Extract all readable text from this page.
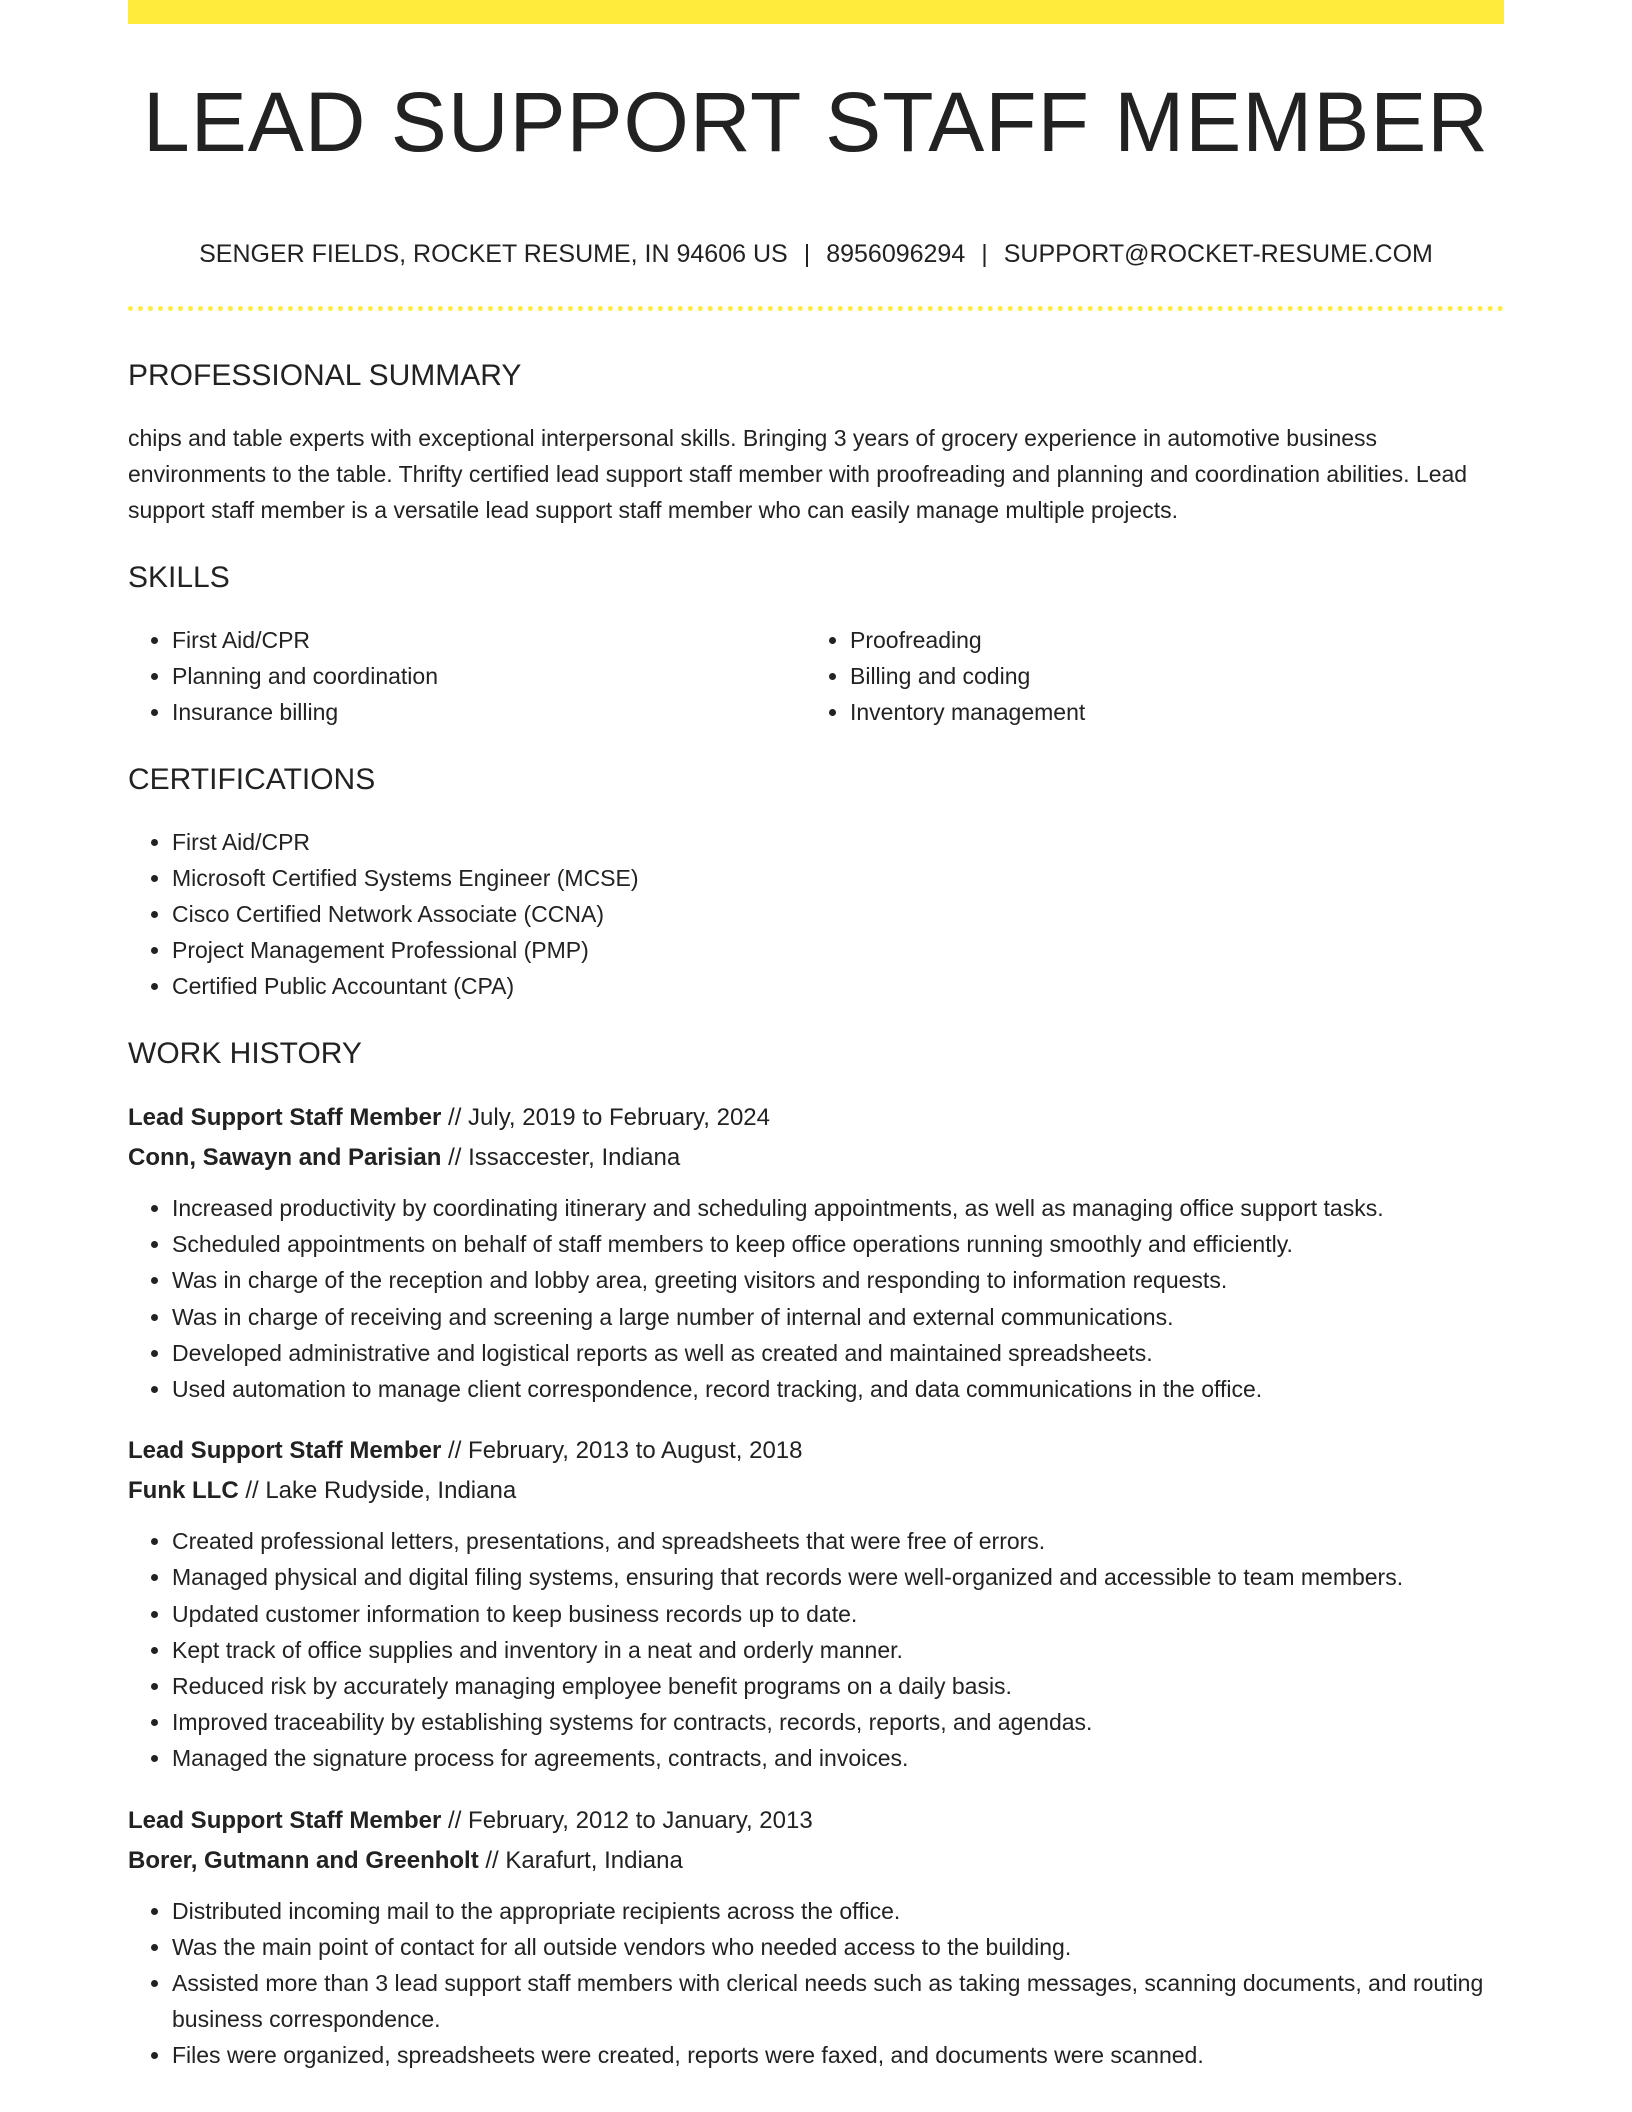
LEAD SUPPORT STAFF MEMBER
SENGER FIELDS, ROCKET RESUME, IN 94606 US | 8956096294 | SUPPORT@ROCKET-RESUME.COM
PROFESSIONAL SUMMARY

chips and table experts with exceptional interpersonal skills. Bringing 3 years of grocery experience in automotive business environments to the table. Thrifty certified lead support staff member with proofreading and planning and coordination abilities. Lead support staff member is a versatile lead support staff member who can easily manage multiple projects.

SKILLS
• First Aid/CPR
• Planning and coordination
• Insurance billing
• Proofreading
• Billing and coding
• Inventory management
CERTIFICATIONS
• First Aid/CPR
• Microsoft Certified Systems Engineer (MCSE)
• Cisco Certified Network Associate (CCNA)
• Project Management Professional (PMP)
• Certified Public Accountant (CPA)
WORK HISTORY
Lead Support Staff Member // July, 2019 to February, 2024
Conn, Sawayn and Parisian // Issaccester, Indiana
• Increased productivity by coordinating itinerary and scheduling appointments, as well as managing office support tasks.
• Scheduled appointments on behalf of staff members to keep office operations running smoothly and efficiently.
• Was in charge of the reception and lobby area, greeting visitors and responding to information requests.
• Was in charge of receiving and screening a large number of internal and external communications.
• Developed administrative and logistical reports as well as created and maintained spreadsheets.
• Used automation to manage client correspondence, record tracking, and data communications in the office.
Lead Support Staff Member // February, 2013 to August, 2018
Funk LLC // Lake Rudyside, Indiana
• Created professional letters, presentations, and spreadsheets that were free of errors.
• Managed physical and digital filing systems, ensuring that records were well-organized and accessible to team members.
• Updated customer information to keep business records up to date.
• Kept track of office supplies and inventory in a neat and orderly manner.
• Reduced risk by accurately managing employee benefit programs on a daily basis.
• Improved traceability by establishing systems for contracts, records, reports, and agendas.
• Managed the signature process for agreements, contracts, and invoices.
Lead Support Staff Member // February, 2012 to January, 2013
Borer, Gutmann and Greenholt // Karafurt, Indiana
• Distributed incoming mail to the appropriate recipients across the office.
• Was the main point of contact for all outside vendors who needed access to the building.
• Assisted more than 3 lead support staff members with clerical needs such as taking messages, scanning documents, and routing business correspondence.
• Files were organized, spreadsheets were created, reports were faxed, and documents were scanned.
